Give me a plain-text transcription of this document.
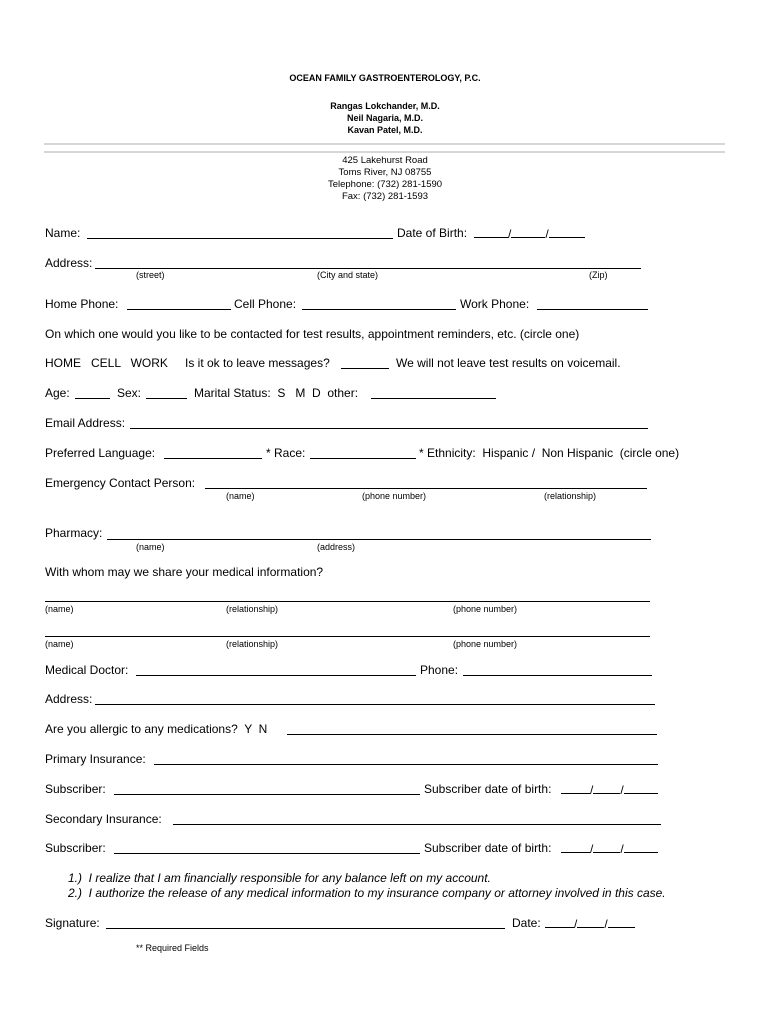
OCEAN FAMILY GASTROENTEROLOGY, P.C.
Rangas Lokchander, M.D.
Neil Nagaria, M.D.
Kavan Patel, M.D.
425 Lakehurst Road
Toms River, NJ 08755
Telephone: (732) 281-1590
Fax: (732) 281-1593
Name:	Date of Birth:	/	/
Address:
(street)	(City and state)	(Zip)
Home Phone:	Cell Phone:	Work Phone:
On which one would you like to be contacted for test results, appointment reminders, etc. (circle one)
HOME   CELL   WORK Is it ok to leave messages?	We will not leave test results on voicemail.
Age:	Sex:	Marital Status:  S   M  D  other:
Email Address:
Preferred Language:	* Race:	* Ethnicity:  Hispanic /  Non Hispanic  (circle one)
Emergency Contact Person:
(name)	(phone number)	(relationship)
Pharmacy:
(name)	(address)
With whom may we share your medical information?
(name)	(relationship)	(phone number)
(name)	(relationship)	(phone number)
Medical Doctor:	Phone:
Address:
Are you allergic to any medications?  Y  N
Primary Insurance:
Subscriber:	Subscriber date of birth:	/ /
Secondary Insurance:
Subscriber:	Subscriber date of birth:	/ /
1.)  I realize that I am financially responsible for any balance left on my account.
2.)  I authorize the release of any medical information to my insurance company or attorney involved in this case.
Signature:	Date:	/ /
** Required Fields
